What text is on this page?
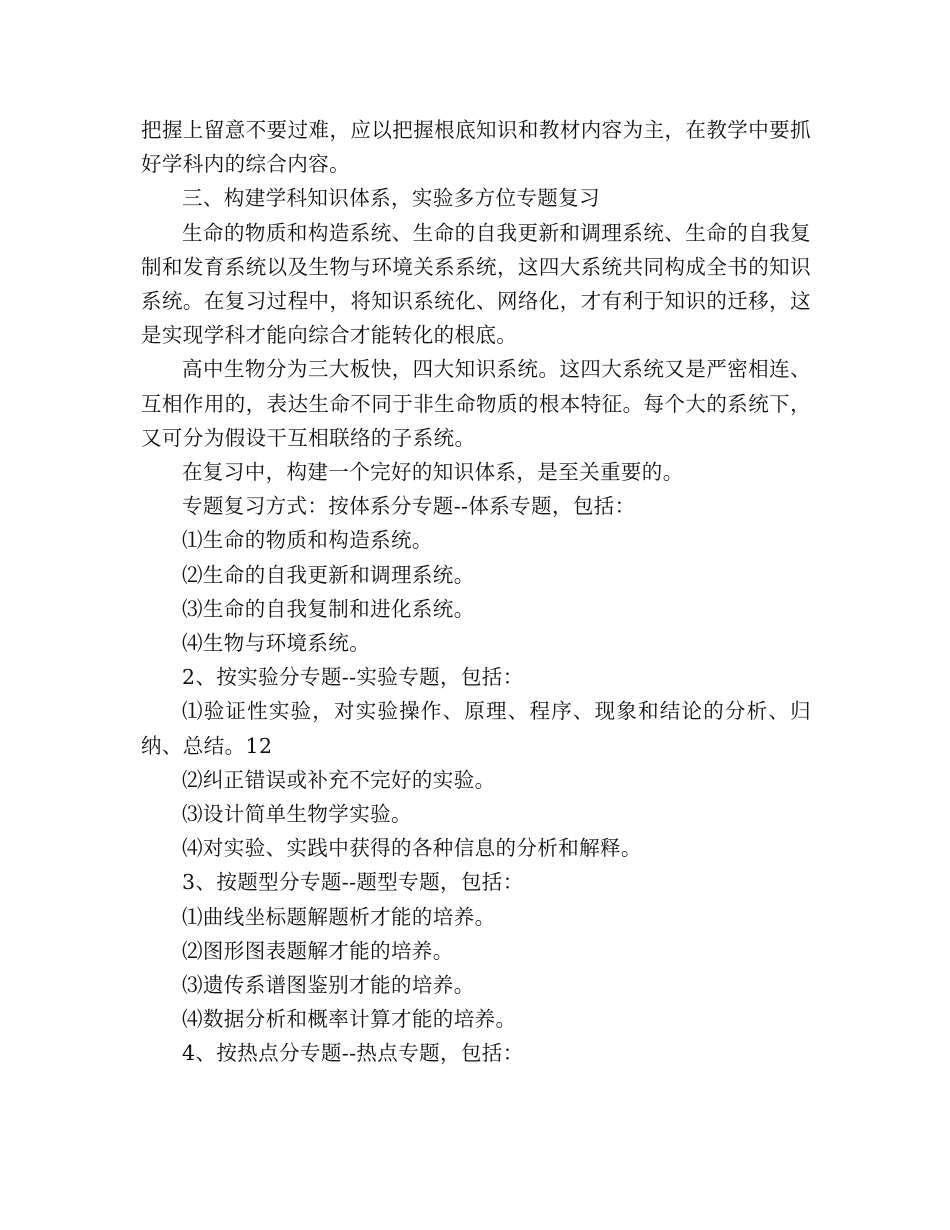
把握上留意不要过难，应以把握根底知识和教材内容为主，在教学中要抓好学科内的综合内容。

三、构建学科知识体系，实验多方位专题复习

生命的物质和构造系统、生命的自我更新和调理系统、生命的自我复制和发育系统以及生物与环境关系系统，这四大系统共同构成全书的知识系统。在复习过程中，将知识系统化、网络化，才有利于知识的迁移，这是实现学科才能向综合才能转化的根底。

高中生物分为三大板快，四大知识系统。这四大系统又是严密相连、互相作用的，表达生命不同于非生命物质的根本特征。每个大的系统下，又可分为假设干互相联络的子系统。

在复习中，构建一个完好的知识体系，是至关重要的。

专题复习方式：按体系分专题--体系专题，包括：

⑴生命的物质和构造系统。

⑵生命的自我更新和调理系统。

⑶生命的自我复制和进化系统。

⑷生物与环境系统。

2、按实验分专题--实验专题，包括：

⑴验证性实验，对实验操作、原理、程序、现象和结论的分析、归纳、总结。12

⑵纠正错误或补充不完好的实验。

⑶设计简单生物学实验。

⑷对实验、实践中获得的各种信息的分析和解释。

3、按题型分专题--题型专题，包括：

⑴曲线坐标题解题析才能的培养。

⑵图形图表题解才能的培养。

⑶遗传系谱图鉴别才能的培养。

⑷数据分析和概率计算才能的培养。

4、按热点分专题--热点专题，包括：
